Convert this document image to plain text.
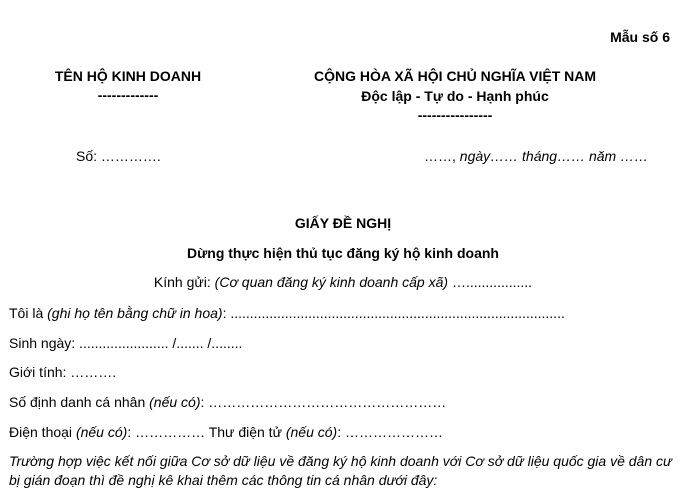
Mẫu số 6
TÊN HỘ KINH DOANH
-------------
CỘNG HÒA XÃ HỘI CHỦ NGHĨA VIỆT NAM
Độc lập - Tự do - Hạnh phúc
----------------
Số: ………….	……, ngày…… tháng…… năm ……
GIẤY ĐỀ NGHỊ
Dừng thực hiện thủ tục đăng ký hộ kinh doanh
Kính gửi: (Cơ quan đăng ký kinh doanh cấp xã) ….................
Tôi là (ghi họ tên bằng chữ in hoa): ......................................................................................
Sinh ngày: ....................... /....... /........
Giới tính: ……….
Số định danh cá nhân (nếu có): ……………………………………………
Điện thoại (nếu có): …………… Thư điện tử (nếu có): …………………
Trường hợp việc kết nối giữa Cơ sở dữ liệu về đăng ký hộ kinh doanh với Cơ sở dữ liệu quốc gia về dân cư bị gián đoạn thì đề nghị kê khai thêm các thông tin cá nhân dưới đây:
